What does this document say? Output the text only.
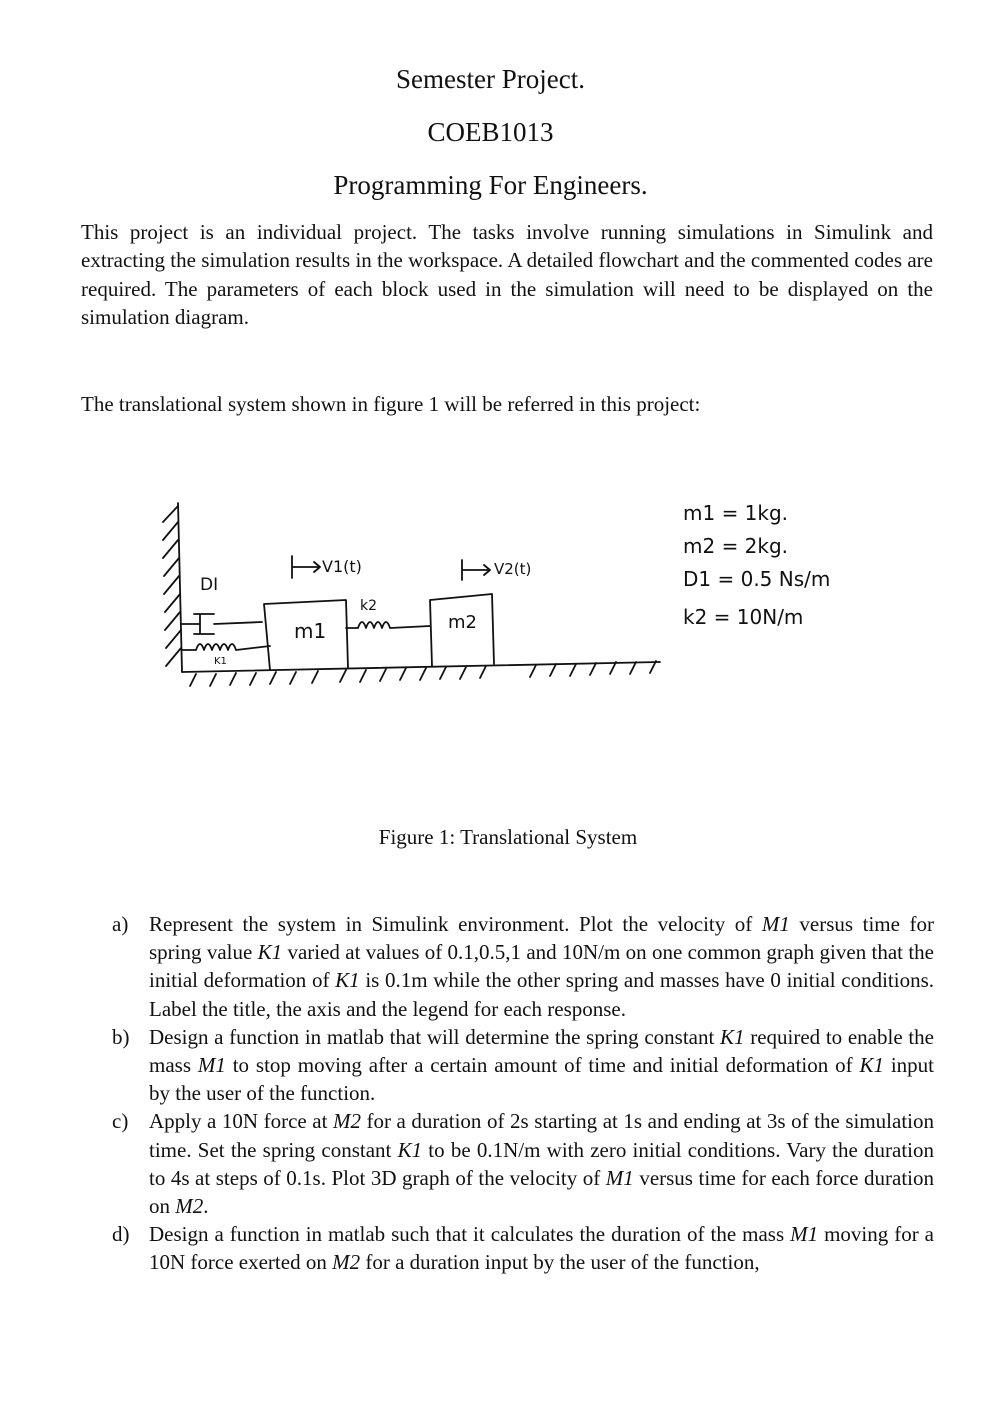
Semester Project.
COEB1013
Programming For Engineers.

This project is an individual project. The tasks involve running simulations in Simulink and extracting the simulation results in the workspace. A detailed flowchart and the commented codes are required. The parameters of each block used in the simulation will need to be displayed on the simulation diagram.

The translational system shown in figure 1 will be referred in this project:

DI
K1
k2
m1	m2
V1(t)	V2(t)
m1 = 1kg.
m2 = 2kg.
D1 = 0.5 Ns/m
k2 = 10N/m

Figure 1: Translational System

a) Represent the system in Simulink environment. Plot the velocity of M1 versus time for spring value K1 varied at values of 0.1,0.5,1 and 10N/m on one common graph given that the initial deformation of K1 is 0.1m while the other spring and masses have 0 initial conditions. Label the title, the axis and the legend for each response.
b) Design a function in matlab that will determine the spring constant K1 required to enable the mass M1 to stop moving after a certain amount of time and initial deformation of K1 input by the user of the function.
c) Apply a 10N force at M2 for a duration of 2s starting at 1s and ending at 3s of the simulation time. Set the spring constant K1 to be 0.1N/m with zero initial conditions. Vary the duration to 4s at steps of 0.1s. Plot 3D graph of the velocity of M1 versus time for each force duration on M2.
d) Design a function in matlab such that it calculates the duration of the mass M1 moving for a 10N force exerted on M2 for a duration input by the user of the function,
